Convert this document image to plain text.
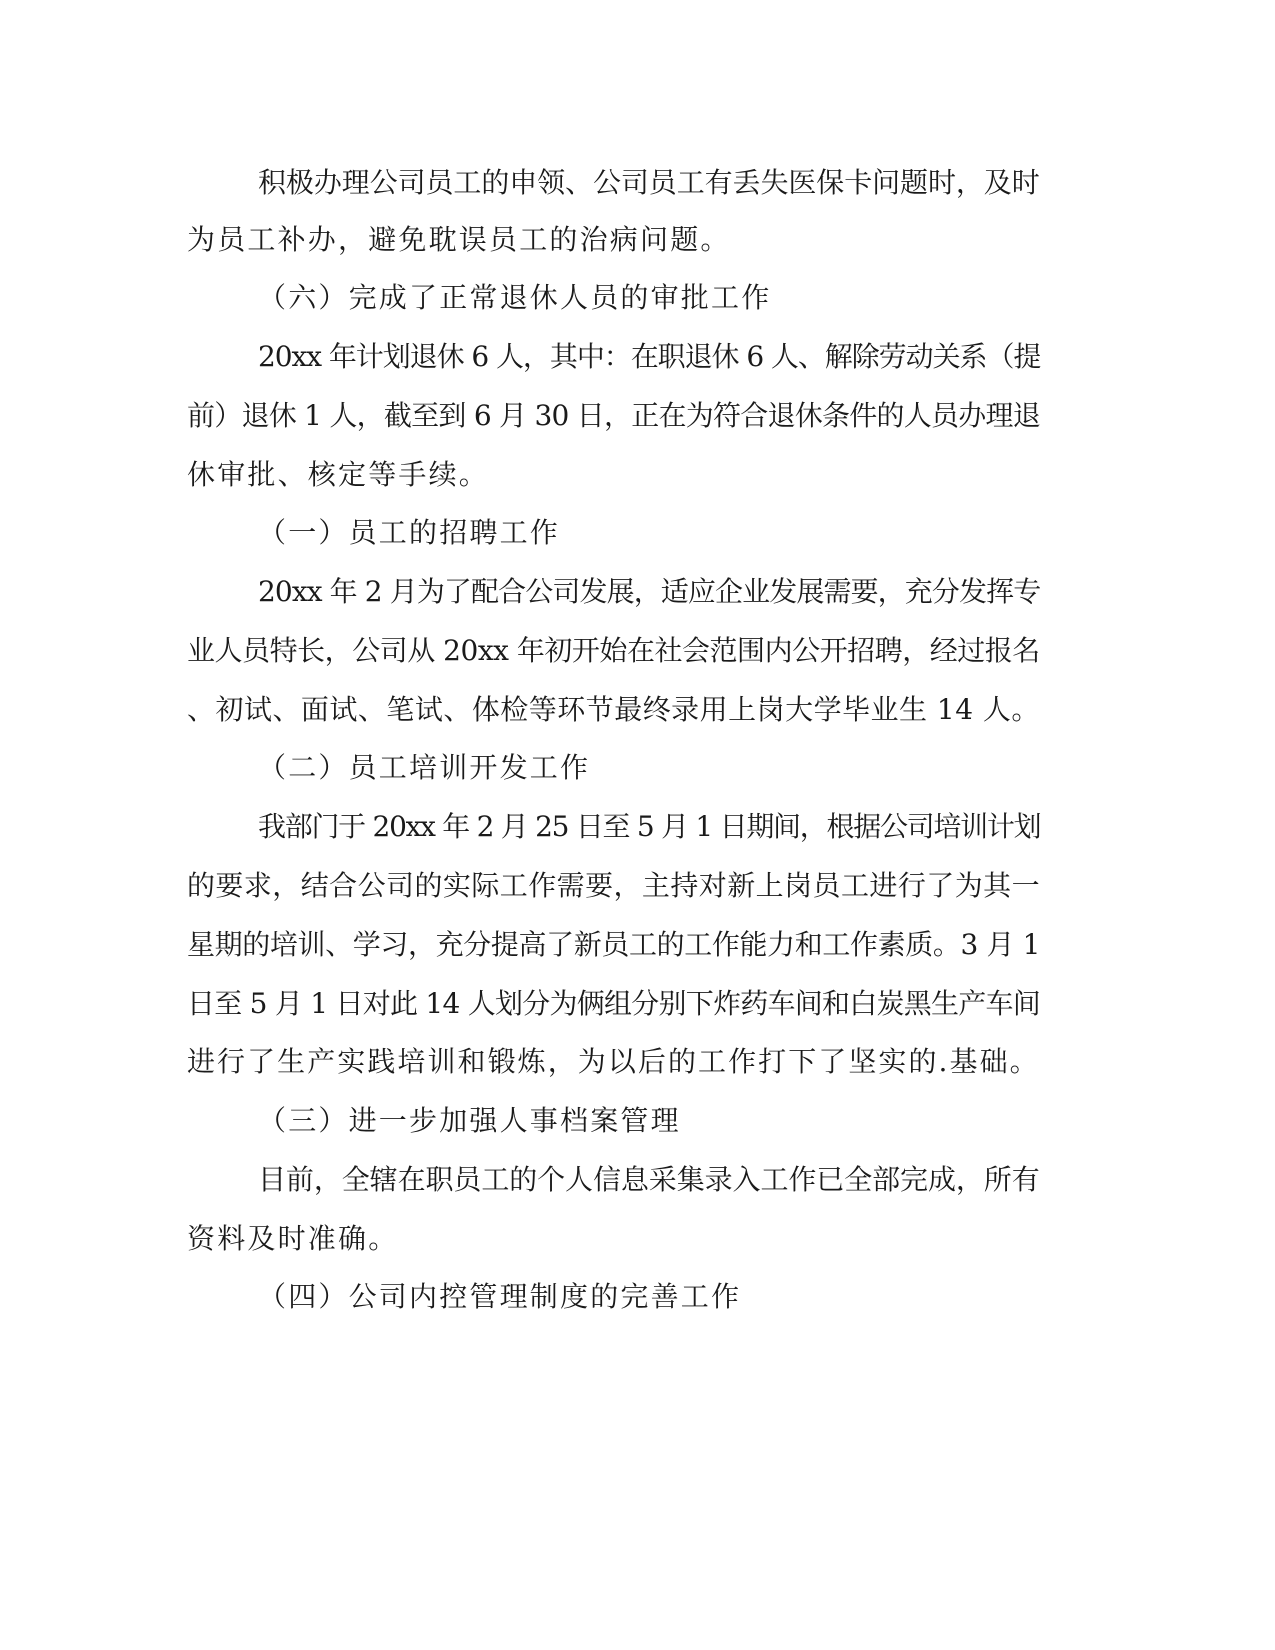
积极办理公司员工的申领、公司员工有丢失医保卡问题时，及时
为员工补办，避免耽误员工的治病问题。
（六）完成了正常退休人员的审批工作
20xx 年计划退休 6 人，其中：在职退休 6 人、解除劳动关系（提
前）退休 1 人，截至到 6 月 30 日，正在为符合退休条件的人员办理退
休审批、核定等手续。
（一）员工的招聘工作
20xx 年 2 月为了配合公司发展，适应企业发展需要，充分发挥专
业人员特长，公司从 20xx 年初开始在社会范围内公开招聘，经过报名
、初试、面试、笔试、体检等环节最终录用上岗大学毕业生 14 人。
（二）员工培训开发工作
我部门于 20xx 年 2 月 25 日至 5 月 1 日期间，根据公司培训计划
的要求，结合公司的实际工作需要，主持对新上岗员工进行了为其一
星期的培训、学习，充分提高了新员工的工作能力和工作素质。3 月 1
日至 5 月 1 日对此 14 人划分为俩组分别下炸药车间和白炭黑生产车间
进行了生产实践培训和锻炼，为以后的工作打下了坚实的.基础。
（三）进一步加强人事档案管理
目前，全辖在职员工的个人信息采集录入工作已全部完成，所有
资料及时准确。
（四）公司内控管理制度的完善工作
